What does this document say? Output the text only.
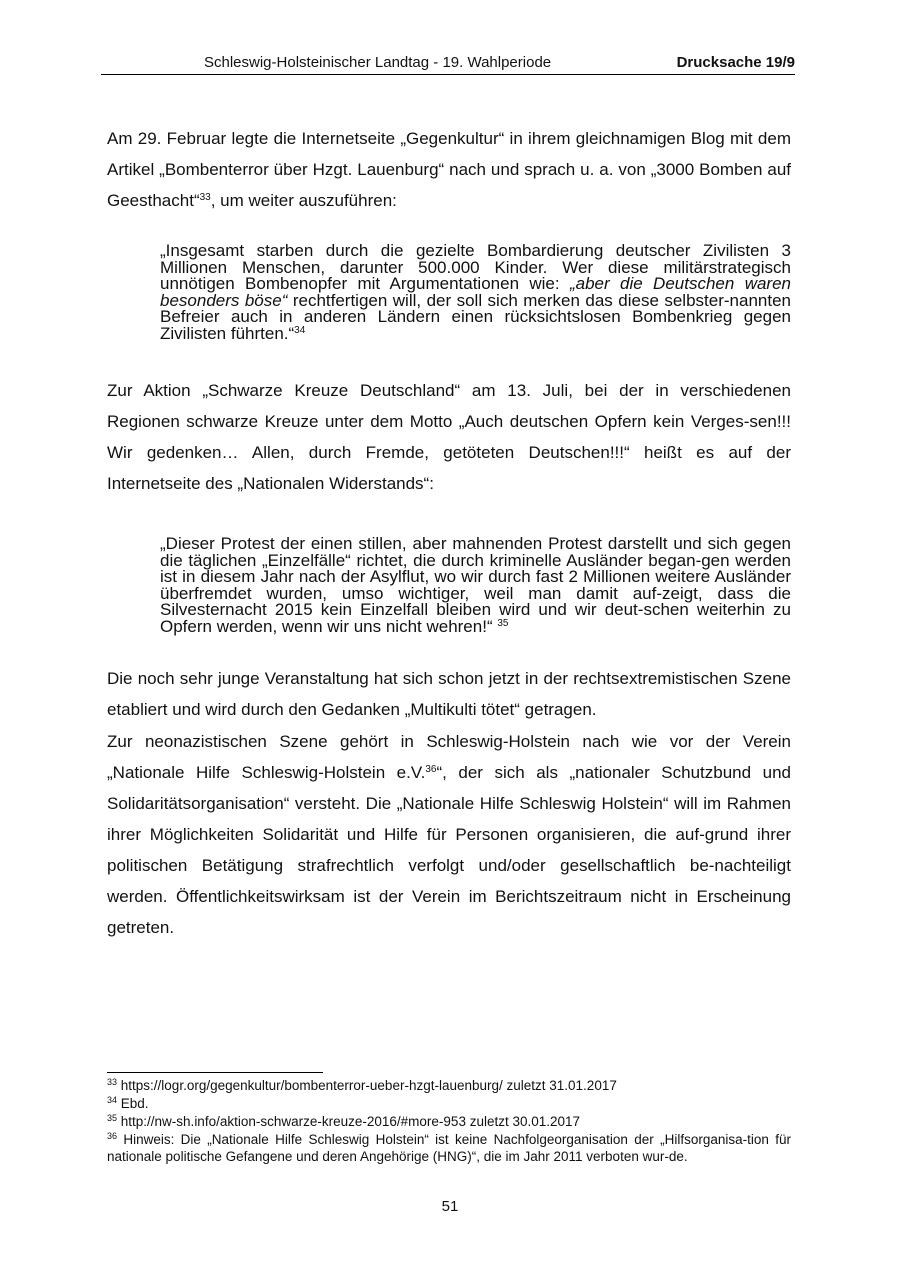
Schleswig-Holsteinischer Landtag - 19. Wahlperiode	Drucksache 19/9

Am 29. Februar legte die Internetseite „Gegenkultur“ in ihrem gleichnamigen Blog mit dem Artikel „Bombenterror über Hzgt. Lauenburg“ nach und sprach u. a. von „3000 Bomben auf Geesthacht“$^{33}$, um weiter auszuführen:

„Insgesamt starben durch die gezielte Bombardierung deutscher Zivilisten 3 Millionen Menschen, darunter 500.000 Kinder. Wer diese militärstrategisch unnötigen Bombenopfer mit Argumentationen wie: „aber die Deutschen waren besonders böse“ rechtfertigen will, der soll sich merken das diese selbster-nannten Befreier auch in anderen Ländern einen rücksichtslosen Bombenkrieg gegen Zivilisten führten.“$^{34}$

Zur Aktion „Schwarze Kreuze Deutschland“ am 13. Juli, bei der in verschiedenen Regionen schwarze Kreuze unter dem Motto „Auch deutschen Opfern kein Verges-sen!!! Wir gedenken… Allen, durch Fremde, getöteten Deutschen!!!“ heißt es auf der Internetseite des „Nationalen Widerstands“:

„Dieser Protest der einen stillen, aber mahnenden Protest darstellt und sich gegen die täglichen „Einzelfälle“ richtet, die durch kriminelle Ausländer began-gen werden ist in diesem Jahr nach der Asylflut, wo wir durch fast 2 Millionen weitere Ausländer überfremdet wurden, umso wichtiger, weil man damit auf-zeigt, dass die Silvesternacht 2015 kein Einzelfall bleiben wird und wir deut-schen weiterhin zu Opfern werden, wenn wir uns nicht wehren!“ $^{35}$

Die noch sehr junge Veranstaltung hat sich schon jetzt in der rechtsextremistischen Szene etabliert und wird durch den Gedanken „Multikulti tötet“ getragen.

Zur neonazistischen Szene gehört in Schleswig-Holstein nach wie vor der Verein „Nationale Hilfe Schleswig-Holstein e.V.$^{36}$“, der sich als „nationaler Schutzbund und Solidaritätsorganisation“ versteht. Die „Nationale Hilfe Schleswig Holstein“ will im Rahmen ihrer Möglichkeiten Solidarität und Hilfe für Personen organisieren, die auf-grund ihrer politischen Betätigung strafrechtlich verfolgt und/oder gesellschaftlich be-nachteiligt werden. Öffentlichkeitswirksam ist der Verein im Berichtszeitraum nicht in Erscheinung getreten.

$^{33}$ https://logr.org/gegenkultur/bombenterror-ueber-hzgt-lauenburg/ zuletzt 31.01.2017

$^{34}$ Ebd.

$^{35}$ http://nw-sh.info/aktion-schwarze-kreuze-2016/#more-953 zuletzt 30.01.2017

$^{36}$ Hinweis: Die „Nationale Hilfe Schleswig Holstein“ ist keine Nachfolgeorganisation der „Hilfsorganisa-tion für nationale politische Gefangene und deren Angehörige (HNG)“, die im Jahr 2011 verboten wur-de.

51
